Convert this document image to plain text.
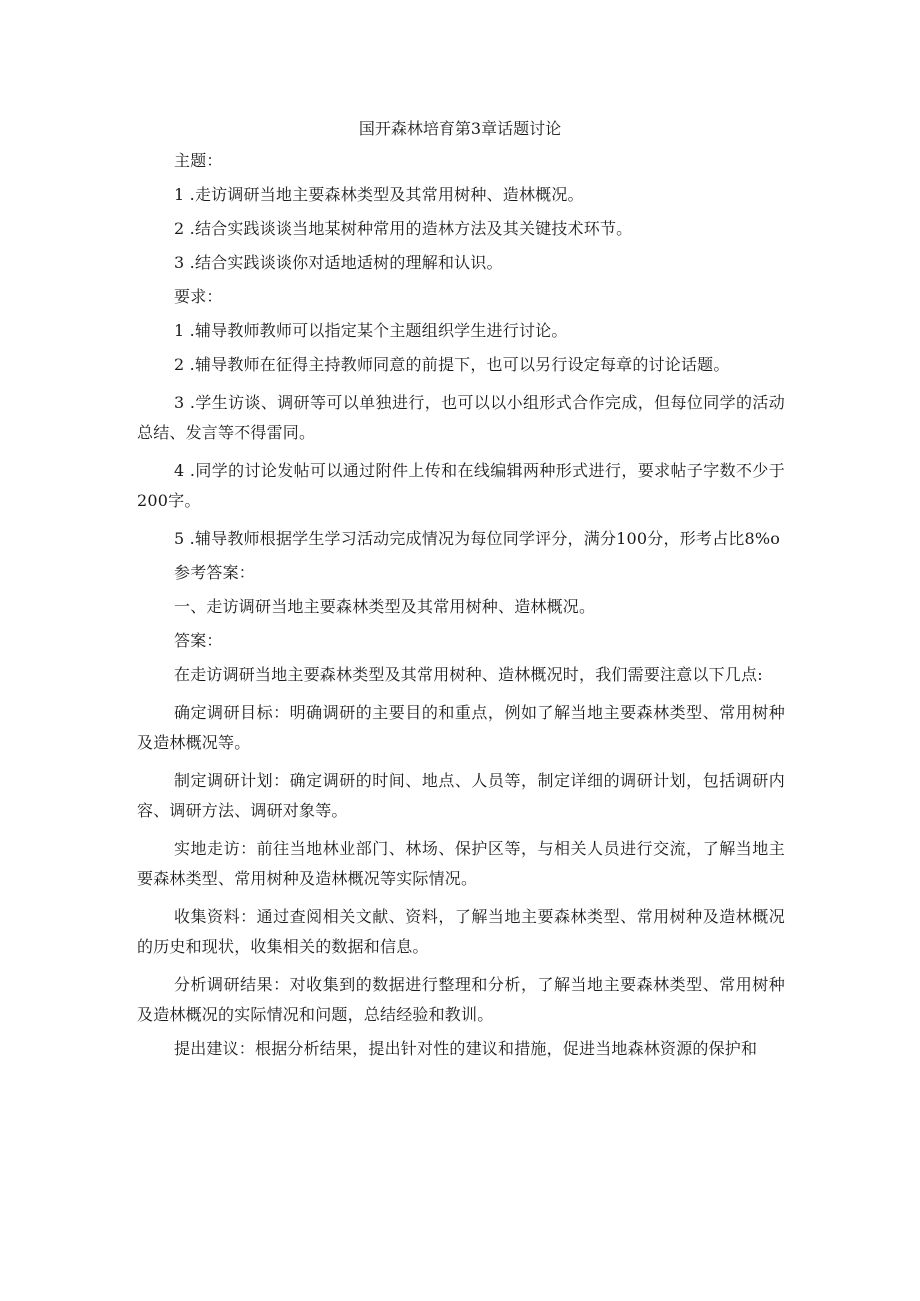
国开森林培育第3章话题讨论

主题：

1 .走访调研当地主要森林类型及其常用树种、造林概况。

2 .结合实践谈谈当地某树种常用的造林方法及其关键技术环节。

3 .结合实践谈谈你对适地适树的理解和认识。

要求：

1 .辅导教师教师可以指定某个主题组织学生进行讨论。

2 .辅导教师在征得主持教师同意的前提下，也可以另行设定每章的讨论话题。

3 .学生访谈、调研等可以单独进行，也可以以小组形式合作完成，但每位同学的活动总结、发言等不得雷同。

4 .同学的讨论发帖可以通过附件上传和在线编辑两种形式进行，要求帖子字数不少于200字。

5 .辅导教师根据学生学习活动完成情况为每位同学评分，满分100分，形考占比8%o

参考答案：

一、走访调研当地主要森林类型及其常用树种、造林概况。

答案：

在走访调研当地主要森林类型及其常用树种、造林概况时，我们需要注意以下几点:

确定调研目标：明确调研的主要目的和重点，例如了解当地主要森林类型、常用树种及造林概况等。

制定调研计划：确定调研的时间、地点、人员等，制定详细的调研计划，包括调研内容、调研方法、调研对象等。

实地走访：前往当地林业部门、林场、保护区等，与相关人员进行交流，了解当地主要森林类型、常用树种及造林概况等实际情况。

收集资料：通过查阅相关文献、资料，了解当地主要森林类型、常用树种及造林概况的历史和现状，收集相关的数据和信息。

分析调研结果：对收集到的数据进行整理和分析，了解当地主要森林类型、常用树种及造林概况的实际情况和问题，总结经验和教训。

提出建议：根据分析结果，提出针对性的建议和措施，促进当地森林资源的保护和
